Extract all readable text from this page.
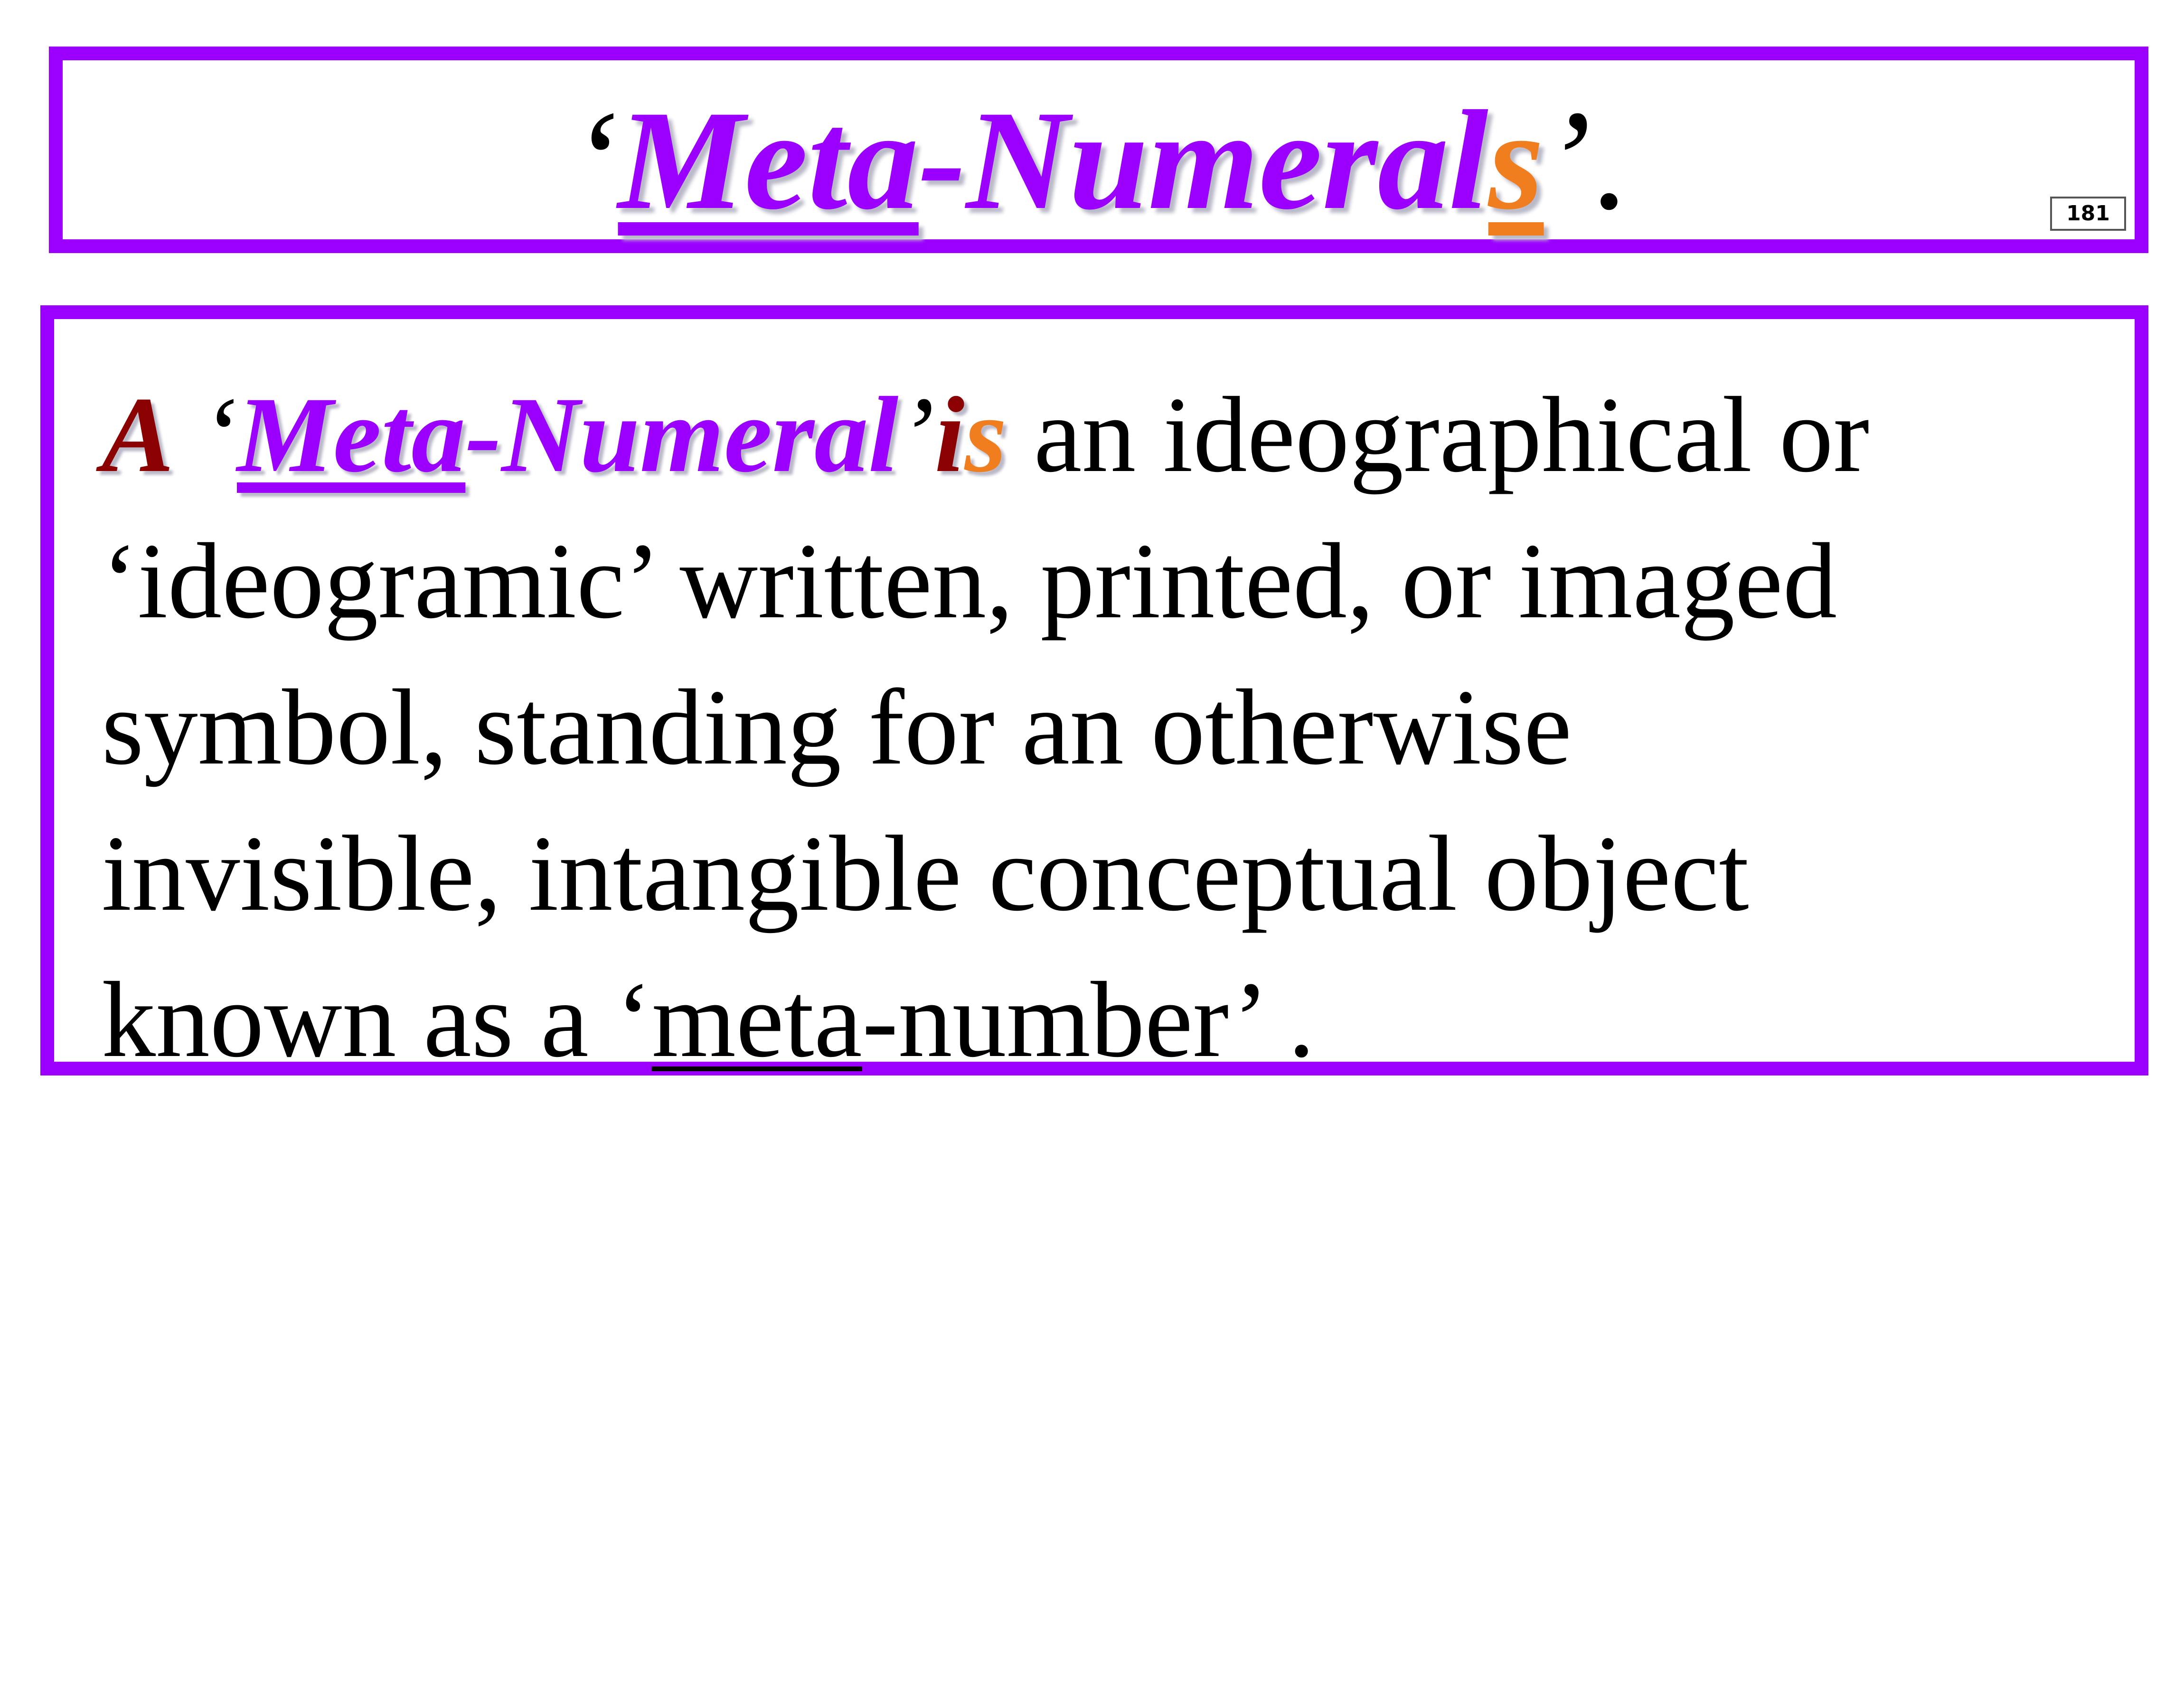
‘Meta-Numerals’.	181
A ‘Meta-Numeral’is an ideographical or
‘ideogramic’ written, printed, or imaged
symbol, standing for an otherwise
invisible, intangible conceptual object
known as a ‘meta-number’ .
